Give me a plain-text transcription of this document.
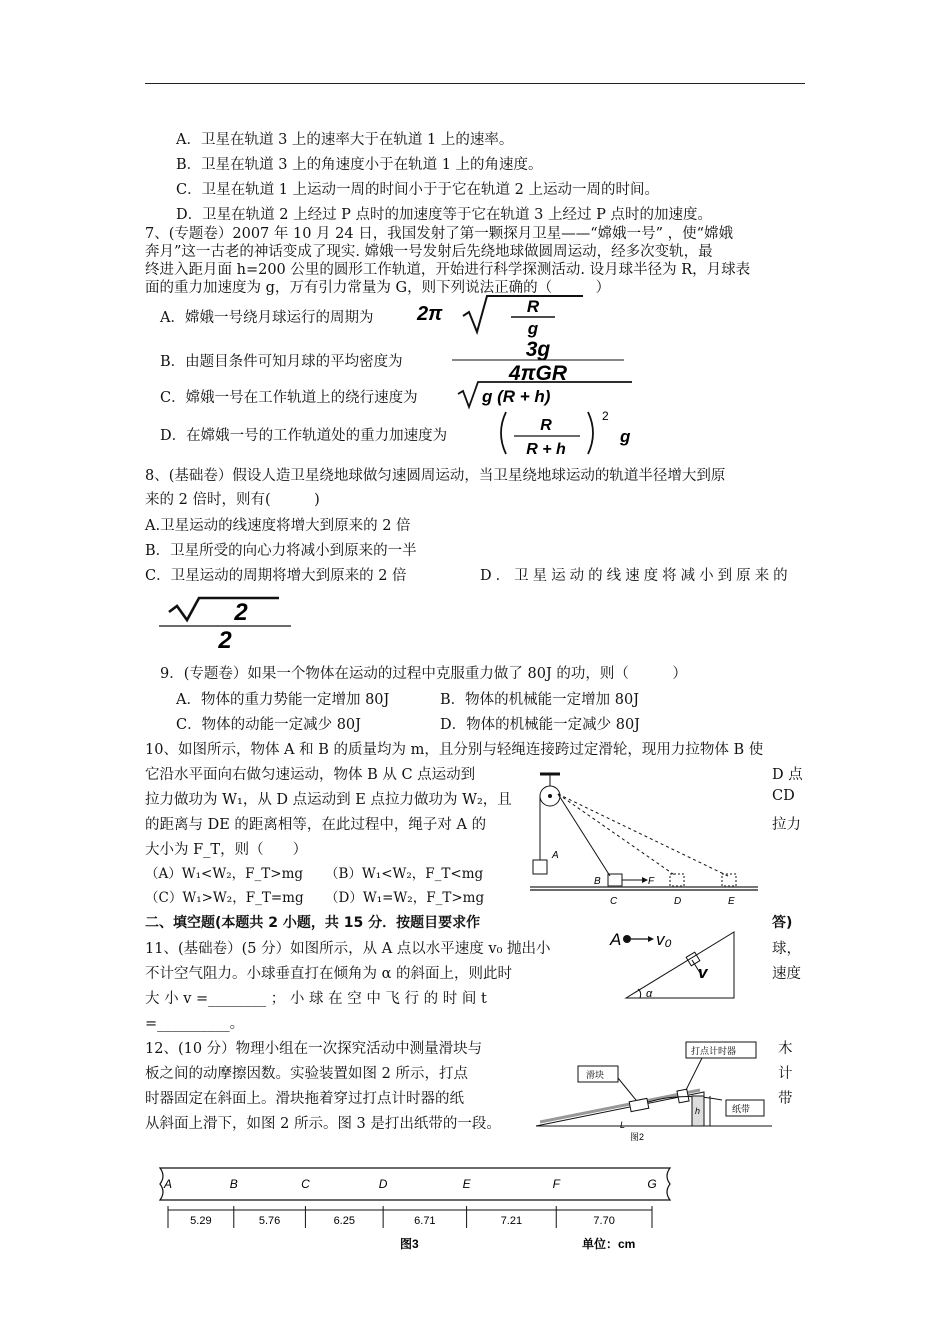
A．卫星在轨道 3 上的速率大于在轨道 1 上的速率。
B．卫星在轨道 3 上的角速度小于在轨道 1 上的角速度。
C．卫星在轨道 1 上运动一周的时间小于于它在轨道 2 上运动一周的时间。
D．卫星在轨道 2 上经过 P 点时的加速度等于它在轨道 3 上经过 P 点时的加速度。
7、(专题卷）2007 年 10 月 24 日，我国发射了第一颗探月卫星——“嫦娥一号” ，使“嫦娥
奔月”这一古老的神话变成了现实. 嫦娥一号发射后先绕地球做圆周运动，经多次变轨，最
终进入距月面 h=200 公里的圆形工作轨道，开始进行科学探测活动. 设月球半径为 R，月球表
面的重力加速度为 g，万有引力常量为 G，则下列说法正确的（　　　）
A．嫦娥一号绕月球运行的周期为 2π	R
g
B．由题目条件可知月球的平均密度为
3g
4πGR
C．嫦娥一号在工作轨道上的绕行速度为	g (R + h)
D．在嫦娥一号的工作轨道处的重力加速度为
R
R + h
2
g
8、(基础卷）假设人造卫星绕地球做匀速圆周运动，当卫星绕地球运动的轨道半径增大到原
来的 2 倍时，则有(　　　)
A.卫星运动的线速度将增大到原来的 2 倍
B．卫星所受的向心力将减小到原来的一半
C．卫星运动的周期将增大到原来的 2 倍	D．卫星运动的线速度将减小到原来的
2
2
9．(专题卷）如果一个物体在运动的过程中克服重力做了 80J 的功，则（　　　）
A．物体的重力势能一定增加 80J	B．物体的机械能一定增加 80J
C．物体的动能一定减少 80J	D．物体的机械能一定减少 80J
10、如图所示，物体 A 和 B 的质量均为 m，且分别与轻绳连接跨过定滑轮，现用力拉物体 B 使
它沿水平面向右做匀速运动，物体 B 从 C 点运动到	D 点
拉力做功为 W₁，从 D 点运动到 E 点拉力做功为 W₂，且	CD
的距离与 DE 的距离相等，在此过程中，绳子对 A 的	拉力
大小为 F_T，则（　　）
（A）W₁<W₂，F_T>mg （B）W₁<W₂，F_T<mg
（C）W₁>W₂，F_T=mg （D）W₁=W₂，F_T>mg
A
B	F
C	D	E
二、填空题(本题共 2 小题，共 15 分．按题目要求作	答)
11、(基础卷）(5 分）如图所示，从 A 点以水平速度 v₀ 抛出小	球，
不计空气阻力。小球垂直打在倾角为 α 的斜面上，则此时	速度
大 小 v =________ ； 小 球 在 空 中 飞 行 的 时 间 t
=__________。
A v₀
v
α
12、(10 分）物理小组在一次探究活动中测量滑块与	木
板之间的动摩擦因数。实验装置如图 2 所示，打点	计
时器固定在斜面上。滑块拖着穿过打点计时器的纸	带
从斜面上滑下，如图 2 所示。图 3 是打出纸带的一段。
h
L
滑块
打点计时器
纸带
图2
A	B	C	D	E	F	G
5.29	5.76	6.25	6.71	7.21	7.70
图3	单位：cm
